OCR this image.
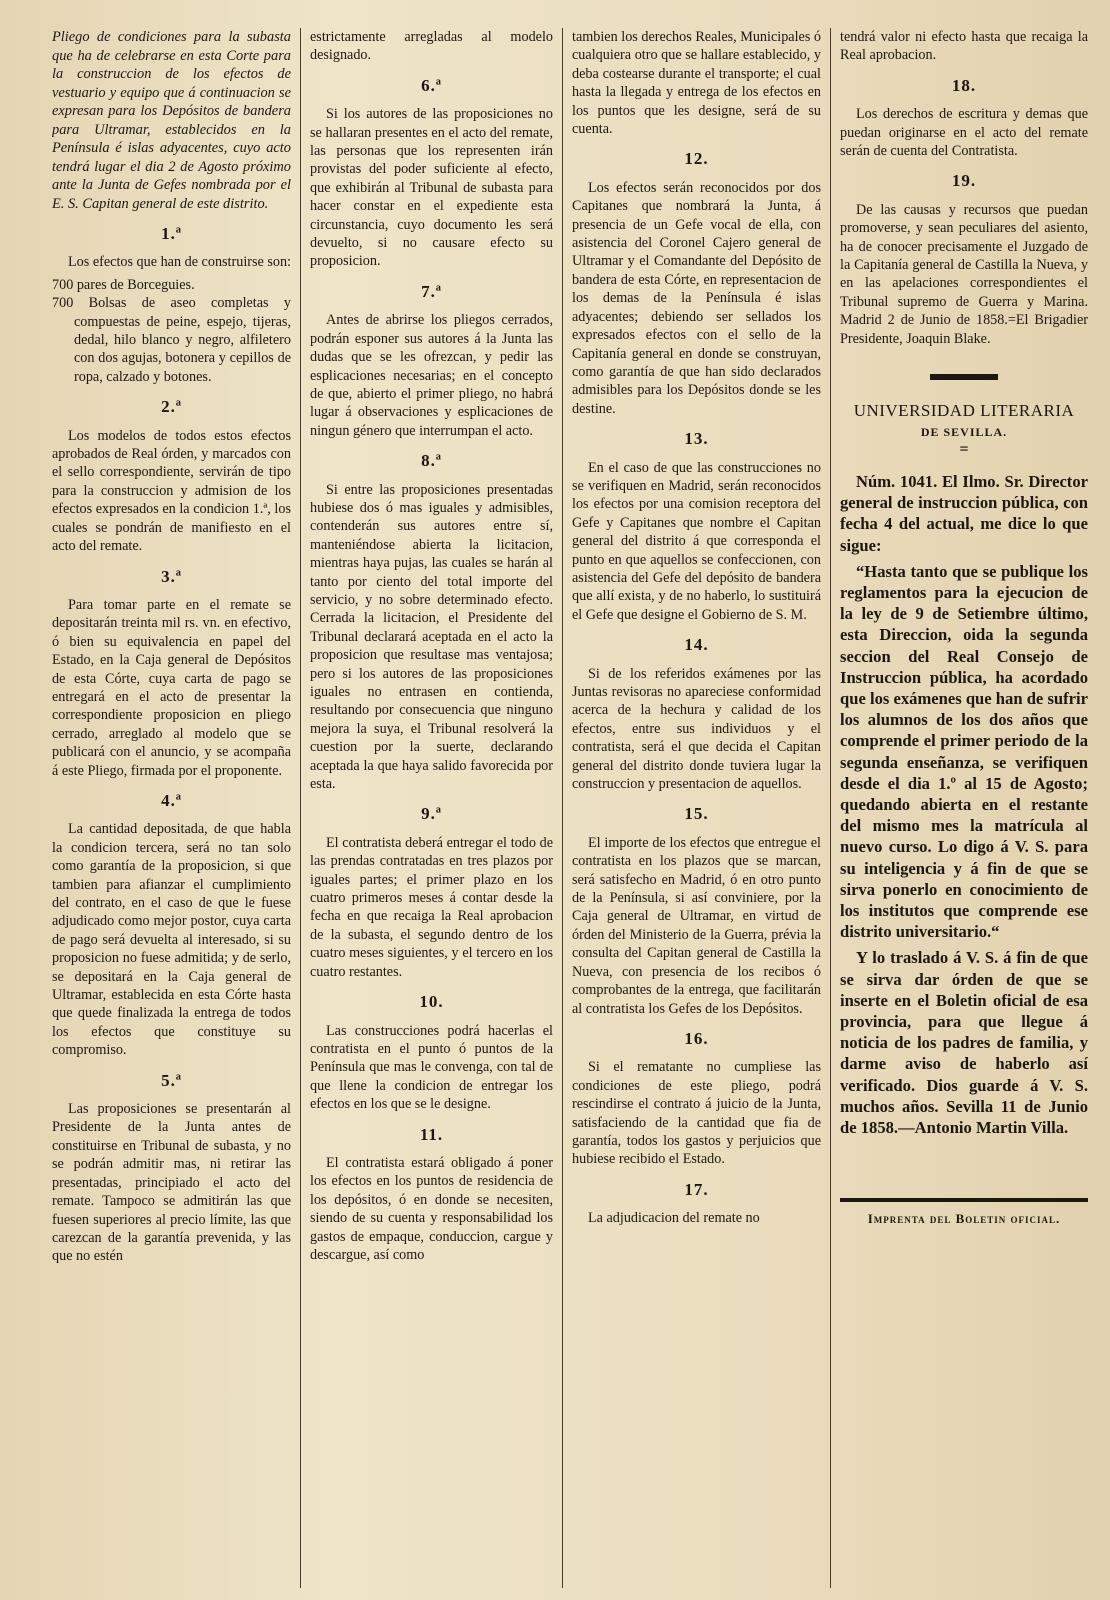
Pliego de condiciones para la subasta que ha de celebrarse en esta Corte para la construccion de los efectos de vestuario y equipo que á continuacion se expresan para los Depósitos de bandera para Ultramar, establecidos en la Península é islas adyacentes, cuyo acto tendrá lugar el dia 2 de Agosto próximo ante la Junta de Gefes nombrada por el E. S. Capitan general de este distrito.

1.ª

Los efectos que han de construirse son:

700 pares de Borceguies.

700 Bolsas de aseo completas y compuestas de peine, espejo, tijeras, dedal, hilo blanco y negro, alfiletero con dos agujas, botonera y cepillos de ropa, calzado y botones.

2.ª

Los modelos de todos estos efectos aprobados de Real órden, y marcados con el sello correspondiente, servirán de tipo para la construccion y admision de los efectos expresados en la condicion 1.ª, los cuales se pondrán de manifiesto en el acto del remate.

3.ª

Para tomar parte en el remate se depositarán treinta mil rs. vn. en efectivo, ó bien su equivalencia en papel del Estado, en la Caja general de Depósitos de esta Córte, cuya carta de pago se entregará en el acto de presentar la correspondiente proposicion en pliego cerrado, arreglado al modelo que se publicará con el anuncio, y se acompaña á este Pliego, firmada por el proponente.

4.ª

La cantidad depositada, de que habla la condicion tercera, será no tan solo como garantía de la proposicion, si que tambien para afianzar el cumplimiento del contrato, en el caso de que le fuese adjudicado como mejor postor, cuya carta de pago será devuelta al interesado, si su proposicion no fuese admitida; y de serlo, se depositará en la Caja general de Ultramar, establecida en esta Córte hasta que quede finalizada la entrega de todos los efectos que constituye su compromiso.

5.ª

Las proposiciones se presentarán al Presidente de la Junta antes de constituirse en Tribunal de subasta, y no se podrán admitir mas, ni retirar las presentadas, principiado el acto del remate. Tampoco se admitirán las que fuesen superiores al precio límite, las que carezcan de la garantía prevenida, y las que no estén

estrictamente arregladas al modelo designado.

6.ª

Si los autores de las proposiciones no se hallaran presentes en el acto del remate, las personas que los representen irán provistas del poder suficiente al efecto, que exhibirán al Tribunal de subasta para hacer constar en el expediente esta circunstancia, cuyo documento les será devuelto, si no causare efecto su proposicion.

7.ª

Antes de abrirse los pliegos cerrados, podrán esponer sus autores á la Junta las dudas que se les ofrezcan, y pedir las esplicaciones necesarias; en el concepto de que, abierto el primer pliego, no habrá lugar á observaciones y esplicaciones de ningun género que interrumpan el acto.

8.ª

Si entre las proposiciones presentadas hubiese dos ó mas iguales y admisibles, contenderán sus autores entre sí, manteniéndose abierta la licitacion, mientras haya pujas, las cuales se harán al tanto por ciento del total importe del servicio, y no sobre determinado efecto. Cerrada la licitacion, el Presidente del Tribunal declarará aceptada en el acto la proposicion que resultase mas ventajosa; pero si los autores de las proposiciones iguales no entrasen en contienda, resultando por consecuencia que ninguno mejora la suya, el Tribunal resolverá la cuestion por la suerte, declarando aceptada la que haya salido favorecida por esta.

9.ª

El contratista deberá entregar el todo de las prendas contratadas en tres plazos por iguales partes; el primer plazo en los cuatro primeros meses á contar desde la fecha en que recaiga la Real aprobacion de la subasta, el segundo dentro de los cuatro meses siguientes, y el tercero en los cuatro restantes.

10.

Las construcciones podrá hacerlas el contratista en el punto ó puntos de la Península que mas le convenga, con tal de que llene la condicion de entregar los efectos en los que se le designe.

11.

El contratista estará obligado á poner los efectos en los puntos de residencia de los depósitos, ó en donde se necesiten, siendo de su cuenta y responsabilidad los gastos de empaque, conduccion, cargue y descargue, así como

tambien los derechos Reales, Municipales ó cualquiera otro que se hallare establecido, y deba costearse durante el transporte; el cual hasta la llegada y entrega de los efectos en los puntos que les designe, será de su cuenta.

12.

Los efectos serán reconocidos por dos Capitanes que nombrará la Junta, á presencia de un Gefe vocal de ella, con asistencia del Coronel Cajero general de Ultramar y el Comandante del Depósito de bandera de esta Córte, en representacion de los demas de la Península é islas adyacentes; debiendo ser sellados los expresados efectos con el sello de la Capitanía general en donde se construyan, como garantía de que han sido declarados admisibles para los Depósitos donde se les destine.

13.

En el caso de que las construcciones no se verifiquen en Madrid, serán reconocidos los efectos por una comision receptora del Gefe y Capitanes que nombre el Capitan general del distrito á que corresponda el punto en que aquellos se confeccionen, con asistencia del Gefe del depósito de bandera que allí exista, y de no haberlo, lo sustituirá el Gefe que designe el Gobierno de S. M.

14.

Si de los referidos exámenes por las Juntas revisoras no apareciese conformidad acerca de la hechura y calidad de los efectos, entre sus individuos y el contratista, será el que decida el Capitan general del distrito donde tuviera lugar la construccion y presentacion de aquellos.

15.

El importe de los efectos que entregue el contratista en los plazos que se marcan, será satisfecho en Madrid, ó en otro punto de la Península, si así conviniere, por la Caja general de Ultramar, en virtud de órden del Ministerio de la Guerra, prévia la consulta del Capitan general de Castilla la Nueva, con presencia de los recibos ó comprobantes de la entrega, que facilitarán al contratista los Gefes de los Depósitos.

16.

Si el rematante no cumpliese las condiciones de este pliego, podrá rescindirse el contrato á juicio de la Junta, satisfaciendo de la cantidad que fia de garantía, todos los gastos y perjuicios que hubiese recibido el Estado.

17.

La adjudicacion del remate no

tendrá valor ni efecto hasta que recaiga la Real aprobacion.

18.

Los derechos de escritura y demas que puedan originarse en el acto del remate serán de cuenta del Contratista.

19.

De las causas y recursos que puedan promoverse, y sean peculiares del asiento, ha de conocer precisamente el Juzgado de la Capitanía general de Castilla la Nueva, y en las apelaciones correspondientes el Tribunal supremo de Guerra y Marina. Madrid 2 de Junio de 1858.=El Brigadier Presidente, Joaquin Blake.

UNIVERSIDAD LITERARIA
DE SEVILLA.
=

Núm. 1041. El Ilmo. Sr. Director general de instruccion pública, con fecha 4 del actual, me dice lo que sigue:

“Hasta tanto que se publique los reglamentos para la ejecucion de la ley de 9 de Setiembre último, esta Direccion, oida la segunda seccion del Real Consejo de Instruccion pública, ha acordado que los exámenes que han de sufrir los alumnos de los dos años que comprende el primer periodo de la segunda enseñanza, se verifiquen desde el dia 1.º al 15 de Agosto; quedando abierta en el restante del mismo mes la matrícula al nuevo curso. Lo digo á V. S. para su inteligencia y á fin de que se sirva ponerlo en conocimiento de los institutos que comprende ese distrito universitario.“

Y lo traslado á V. S. á fin de que se sirva dar órden de que se inserte en el Boletin oficial de esa provincia, para que llegue á noticia de los padres de familia, y darme aviso de haberlo así verificado. Dios guarde á V. S. muchos años. Sevilla 11 de Junio de 1858.—Antonio Martin Villa.

Imprenta del Boletin oficial.
